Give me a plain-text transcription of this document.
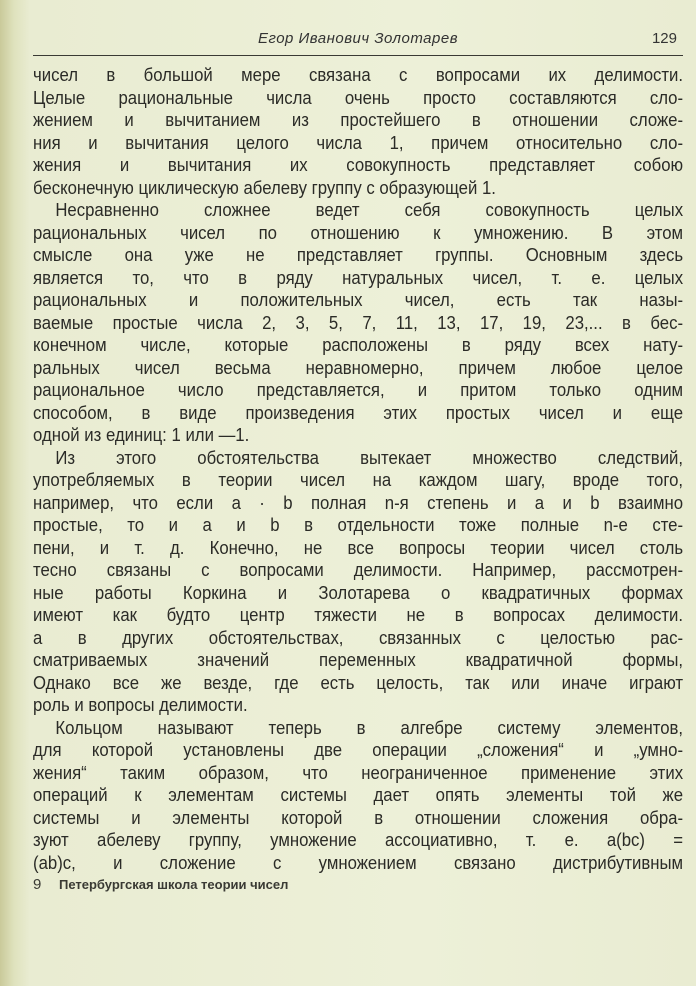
Егор Иванович Золотарев	129
чисел в большой мере связана с вопросами их делимости.
Целые рациональные числа очень просто составляются сло-
жением и вычитанием из простейшего в отношении сложе-
ния и вычитания целого числа 1, причем относительно сло-
жения и вычитания их совокупность представляет собою
бесконечную циклическую абелеву группу с образующей 1.
Несравненно сложнее ведет себя совокупность целых
рациональных чисел по отношению к умножению. В этом
смысле она уже не представляет группы. Основным здесь
является то, что в ряду натуральных чисел, т. е. целых
рациональных и положительных чисел, есть так назы-
ваемые простые числа 2, 3, 5, 7, 11, 13, 17, 19, 23,... в бес-
конечном числе, которые расположены в ряду всех нату-
ральных чисел весьма неравномерно, причем любое целое
рациональное число представляется, и притом только одним
способом, в виде произведения этих простых чисел и еще
одной из единиц: 1 или —1.
Из этого обстоятельства вытекает множество следствий,
употребляемых в теории чисел на каждом шагу, вроде того,
например, что если a · b полная n-я степень и a и b взаимно
простые, то и a и b в отдельности тоже полные n-е сте-
пени, и т. д. Конечно, не все вопросы теории чисел столь
тесно связаны с вопросами делимости. Например, рассмотрен-
ные работы Коркина и Золотарева о квадратичных формах
имеют как будто центр тяжести не в вопросах делимости.
а в других обстоятельствах, связанных с целостью рас-
сматриваемых значений переменных квадратичной формы,
Однако все же везде, где есть целость, так или иначе играют
роль и вопросы делимости.
Кольцом называют теперь в алгебре систему элементов,
для которой установлены две операции „сложения“ и „умно-
жения“ таким образом, что неограниченное применение этих
операций к элементам системы дает опять элементы той же
системы и элементы которой в отношении сложения обра-
зуют абелеву группу, умножение ассоциативно, т. е. a(bc) =
(ab)c, и сложение с умножением связано дистрибутивным
9 Петербургская школа теории чисел
